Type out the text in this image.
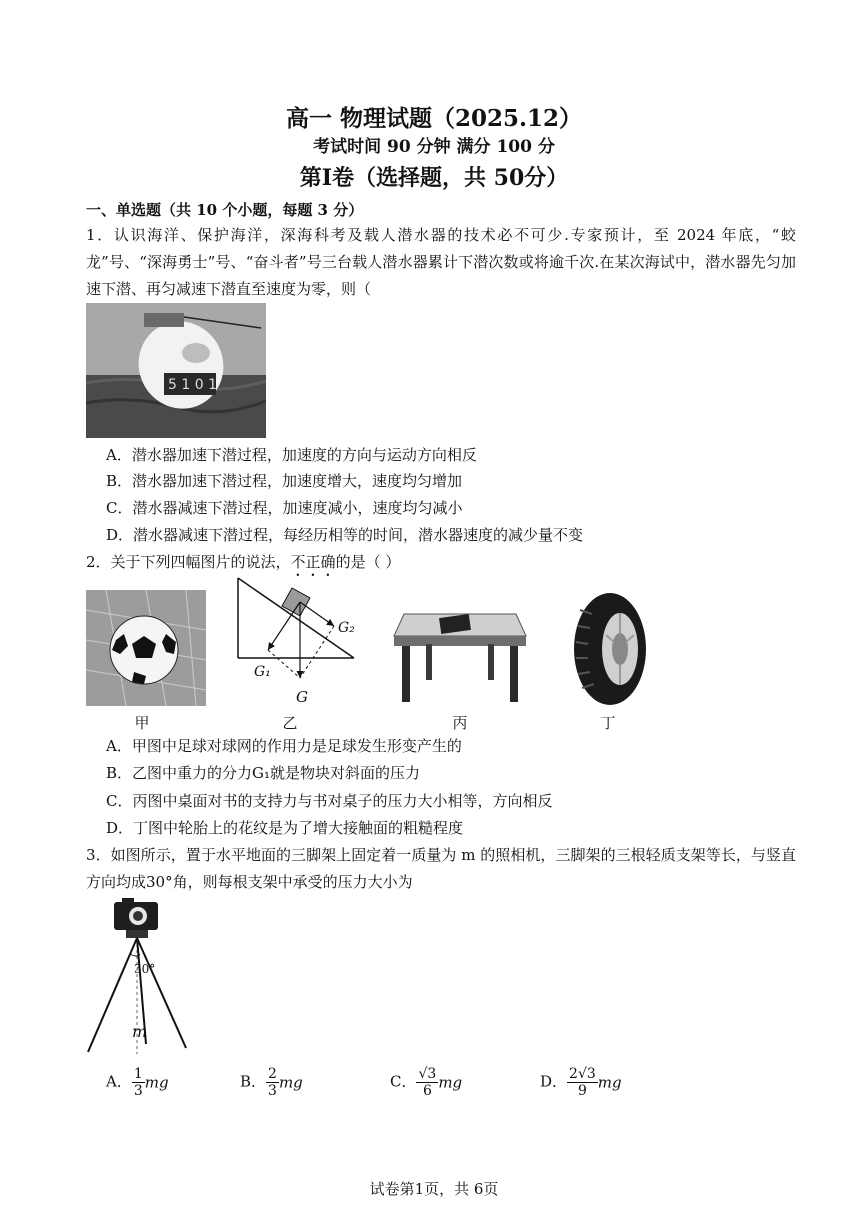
高一 物理试题（2025.12）
考试时间 90 分钟 满分 100 分
第I卷（选择题，共 50分）
一、单选题（共 10 个小题，每题 3 分）
1．认识海洋、保护海洋，深海科考及载人潜水器的技术必不可少.专家预计，至 2024 年底，“蛟龙”号、“深海勇士”号、“奋斗者”号三台载人潜水器累计下潜次数或将逾千次.在某次海试中，潜水器先匀加速下潜、再匀减速下潜直至速度为零，则（
5 1 0 1
A．潜水器加速下潜过程，加速度的方向与运动方向相反
B．潜水器加速下潜过程，加速度增大，速度均匀增加
C．潜水器减速下潜过程，加速度减小，速度均匀减小
D．潜水器减速下潜过程，每经历相等的时间，潜水器速度的减少量不变
2．关于下列四幅图片的说法，不正确的是（ ）
甲
G₂
G₁
G
乙	丙	丁
A．甲图中足球对球网的作用力是足球发生形变产生的
B．乙图中重力的分力G₁就是物块对斜面的压力
C．丙图中桌面对书的支持力与书对桌子的压力大小相等，方向相反
D．丁图中轮胎上的花纹是为了增大接触面的粗糙程度
3．如图所示，置于水平地面的三脚架上固定着一质量为 m 的照相机，三脚架的三根轻质支架等长，与竖直方向均成30°角，则每根支架中承受的压力大小为
30°
m
A． $\frac{1}{3}$ mg	B． $\frac{2}{3}$ mg	C． $\frac{√3}{6}$ mg	D． $\frac{2√3}{9}$ mg
试卷第1页，共 6页
